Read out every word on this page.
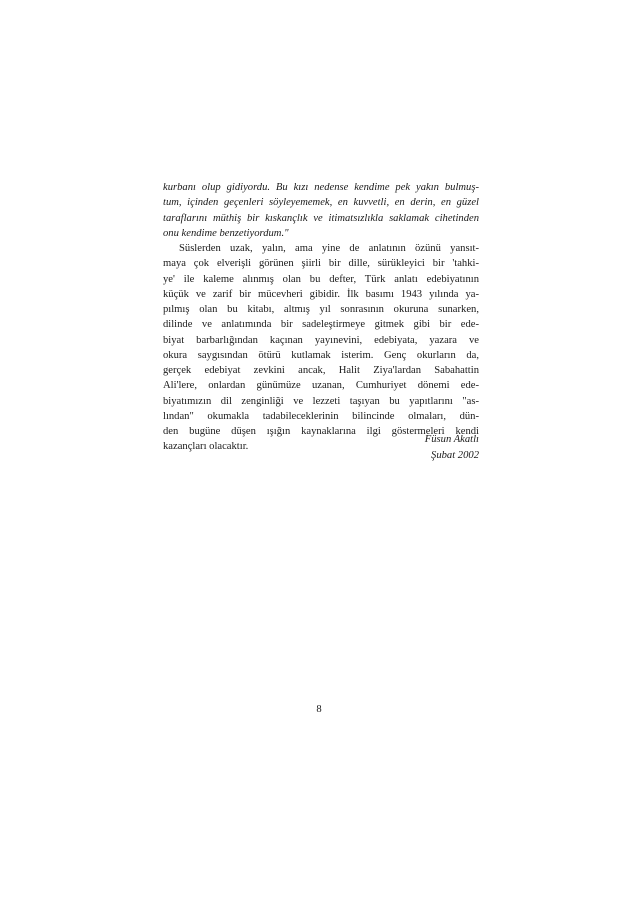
kurbanı olup gidiyordu. Bu kızı nedense kendime pek yakın bulmuş-
tum, içinden geçenleri söyleyememek, en kuvvetli, en derin, en güzel
taraflarını müthiş bir kıskançlık ve itimatsızlıkla saklamak cihetinden
onu kendime benzetiyordum."
Süslerden uzak, yalın, ama yine de anlatının özünü yansıt-
maya çok elverişli görünen şiirli bir dille, sürükleyici bir 'tahki-
ye' ile kaleme alınmış olan bu defter, Türk anlatı edebiyatının
küçük ve zarif bir mücevheri gibidir. İlk basımı 1943 yılında ya-
pılmış olan bu kitabı, altmış yıl sonrasının okuruna sunarken,
dilinde ve anlatımında bir sadeleştirmeye gitmek gibi bir ede-
biyat barbarlığından kaçınan yayınevini, edebiyata, yazara ve
okura saygısından ötürü kutlamak isterim. Genç okurların da,
gerçek edebiyat zevkini ancak, Halit Ziya'lardan Sabahattin
Ali'lere, onlardan günümüze uzanan, Cumhuriyet dönemi ede-
biyatımızın dil zenginliği ve lezzeti taşıyan bu yapıtlarını "as-
lından" okumakla tadabileceklerinin bilincinde olmaları, dün-
den bugüne düşen ışığın kaynaklarına ilgi göstermeleri kendi
kazançları olacaktır.
Füsun Akatlı
Şubat 2002
8
